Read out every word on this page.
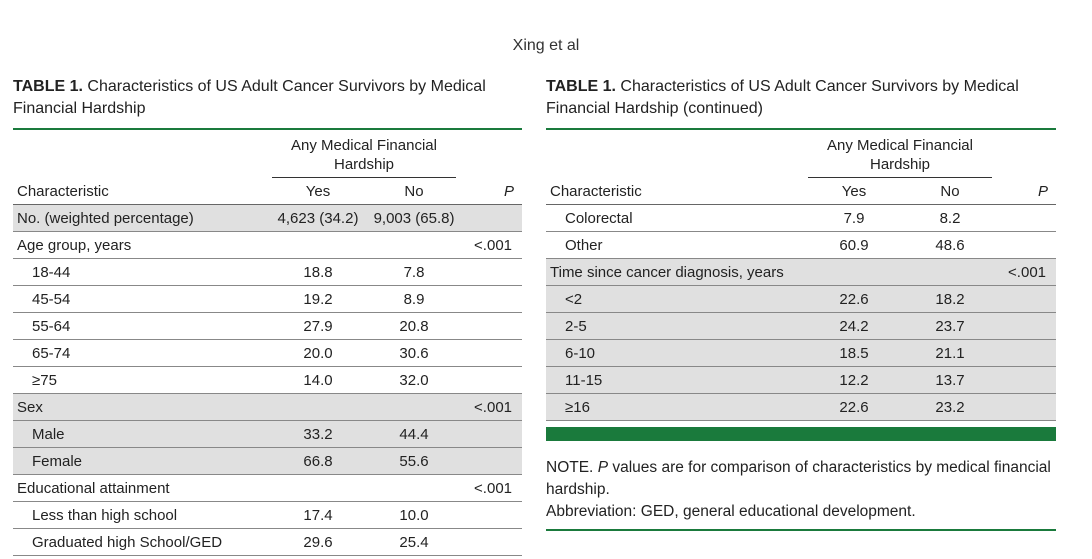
Xing et al
TABLE 1. Characteristics of US Adult Cancer Survivors by Medical Financial Hardship
	Any Medical Financial Hardship		
Characteristic	Yes	No	P
No. (weighted percentage)	4,623 (34.2)	9,003 (65.8)	
Age group, years			<.001
18-44	18.8	7.8	
45-54	19.2	8.9	
55-64	27.9	20.8	
65-74	20.0	30.6	
≥75	14.0	32.0	
Sex			<.001
Male	33.2	44.4	
Female	66.8	55.6	
Educational attainment			<.001
Less than high school	17.4	10.0	
Graduated high School/GED	29.6	25.4	
TABLE 1. Characteristics of US Adult Cancer Survivors by Medical Financial Hardship (continued)
	Any Medical Financial Hardship		
Characteristic	Yes	No	P
Colorectal	7.9	8.2	
Other	60.9	48.6	
Time since cancer diagnosis, years			<.001
<2	22.6	18.2	
2-5	24.2	23.7	
6-10	18.5	21.1	
11-15	12.2	13.7	
≥16	22.6	23.2	
NOTE. P values are for comparison of characteristics by medical financial hardship.
Abbreviation: GED, general educational development.
